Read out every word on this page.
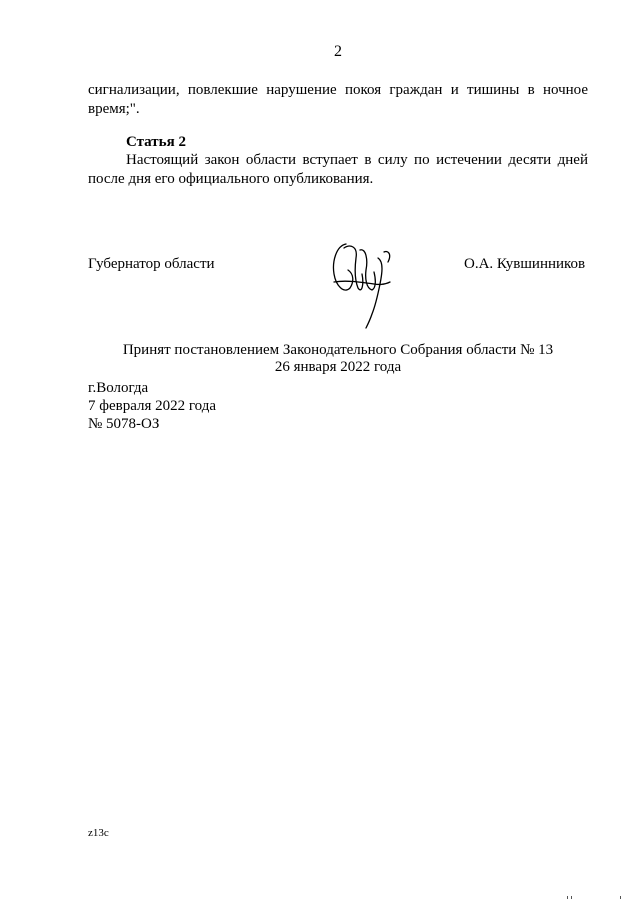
2
сигнализации, повлекшие нарушение покоя граждан и тишины в ночное
время;".
Статья 2
Настоящий закон области вступает в силу по истечении десяти дней
после дня его официального опубликования.
Губернатор области	О.А. Кувшинников
Принят постановлением Законодательного Собрания области № 13
26 января 2022 года
г.Вологда
7 февраля 2022 года
№ 5078-ОЗ
z13c
